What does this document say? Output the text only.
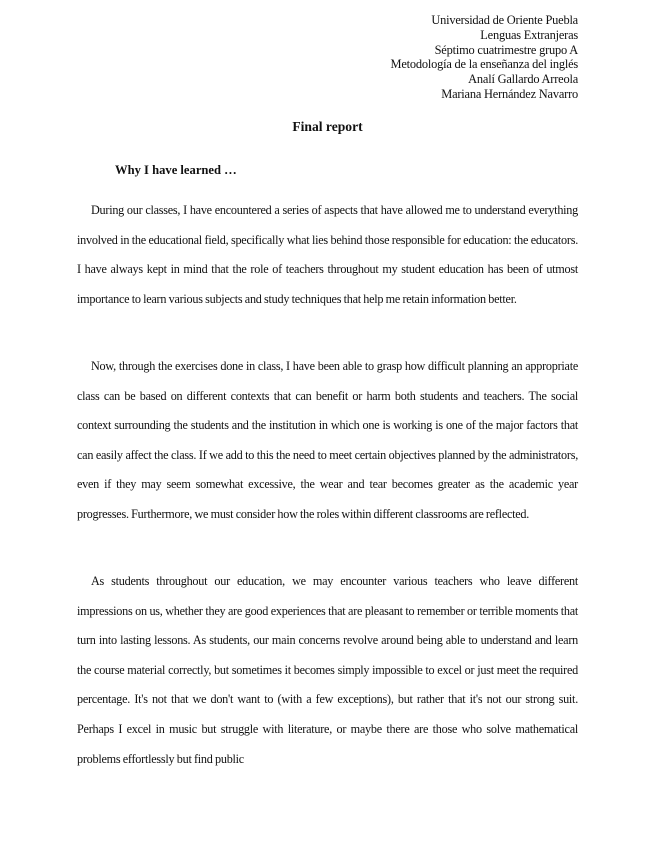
Universidad de Oriente Puebla
Lenguas Extranjeras
Séptimo cuatrimestre grupo A
Metodología de la enseñanza del inglés
Analí Gallardo Arreola
Mariana Hernández Navarro
Final report
Why I have learned …

During our classes, I have encountered a series of aspects that have allowed me to understand everything involved in the educational field, specifically what lies behind those responsible for education: the educators. I have always kept in mind that the role of teachers throughout my student education has been of utmost importance to learn various subjects and study techniques that help me retain information better.

Now, through the exercises done in class, I have been able to grasp how difficult planning an appropriate class can be based on different contexts that can benefit or harm both students and teachers. The social context surrounding the students and the institution in which one is working is one of the major factors that can easily affect the class. If we add to this the need to meet certain objectives planned by the administrators, even if they may seem somewhat excessive, the wear and tear becomes greater as the academic year progresses. Furthermore, we must consider how the roles within different classrooms are reflected.

As students throughout our education, we may encounter various teachers who leave different impressions on us, whether they are good experiences that are pleasant to remember or terrible moments that turn into lasting lessons. As students, our main concerns revolve around being able to understand and learn the course material correctly, but sometimes it becomes simply impossible to excel or just meet the required percentage. It's not that we don't want to (with a few exceptions), but rather that it's not our strong suit. Perhaps I excel in music but struggle with literature, or maybe there are those who solve mathematical problems effortlessly but find public
